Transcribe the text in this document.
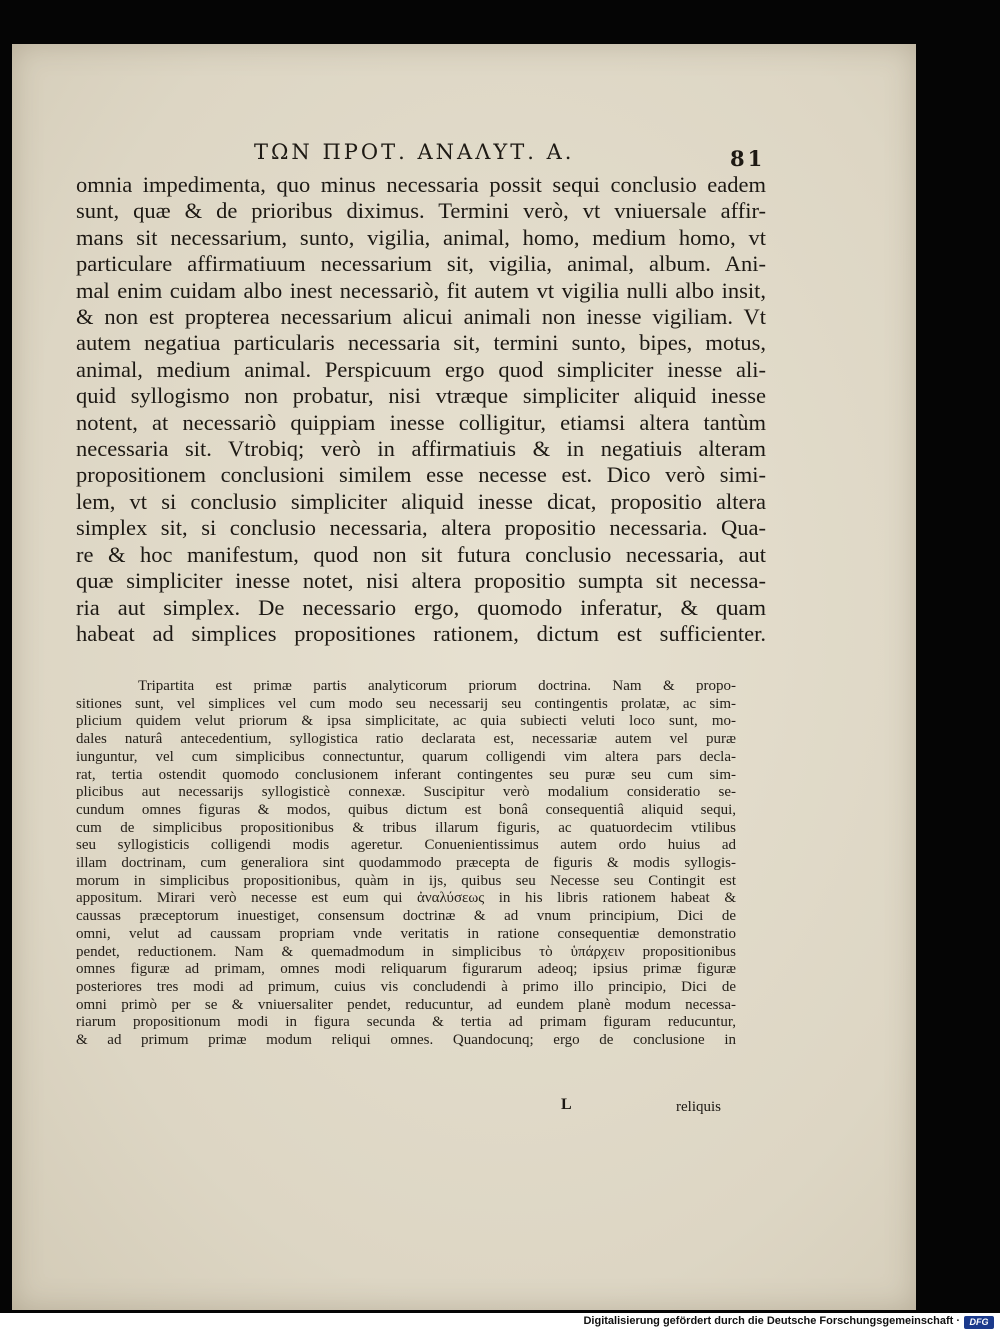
ΤΩΝ ΠΡΟΤ. ΑΝΑΛΥΤ. Α.	81
omnia impedimenta, quo minus necessaria possit sequi conclusio eadem
sunt, quæ & de prioribus diximus. Termini verò, vt vniuersale affir-
mans sit necessarium, sunto, vigilia, animal, homo, medium homo, vt
particulare affirmatiuum necessarium sit, vigilia, animal, album. Ani-
mal enim cuidam albo inest necessariò, fit autem vt vigilia nulli albo insit,
& non est propterea necessarium alicui animali non inesse vigiliam. Vt
autem negatiua particularis necessaria sit, termini sunto, bipes, motus,
animal, medium animal. Perspicuum ergo quod simpliciter inesse ali-
quid syllogismo non probatur, nisi vtræque simpliciter aliquid inesse
notent, at necessariò quippiam inesse colligitur, etiamsi altera tantùm
necessaria sit. Vtrobiq; verò in affirmatiuis & in negatiuis alteram
propositionem conclusioni similem esse necesse est. Dico verò simi-
lem, vt si conclusio simpliciter aliquid inesse dicat, propositio altera
simplex sit, si conclusio necessaria, altera propositio necessaria. Qua-
re & hoc manifestum, quod non sit futura conclusio necessaria, aut
quæ simpliciter inesse notet, nisi altera propositio sumpta sit necessa-
ria aut simplex. De necessario ergo, quomodo inferatur, & quam
habeat ad simplices propositiones rationem, dictum est sufficienter.
Tripartita est primæ partis analyticorum priorum doctrina. Nam & propo-
sitiones sunt, vel simplices vel cum modo seu necessarij seu contingentis prolatæ, ac sim-
plicium quidem velut priorum & ipsa simplicitate, ac quia subiecti veluti loco sunt, mo-
dales naturâ antecedentium, syllogistica ratio declarata est, necessariæ autem vel puræ
iunguntur, vel cum simplicibus connectuntur, quarum colligendi vim altera pars decla-
rat, tertia ostendit quomodo conclusionem inferant contingentes seu puræ seu cum sim-
plicibus aut necessarijs syllogisticè connexæ. Suscipitur verò modalium consideratio se-
cundum omnes figuras & modos, quibus dictum est bonâ consequentiâ aliquid sequi,
cum de simplicibus propositionibus & tribus illarum figuris, ac quatuordecim vtilibus
seu syllogisticis colligendi modis ageretur. Conuenientissimus autem ordo huius ad
illam doctrinam, cum generaliora sint quodammodo præcepta de figuris & modis syllogis-
morum in simplicibus propositionibus, quàm in ijs, quibus seu Necesse seu Contingit est
appositum. Mirari verò necesse est eum qui ἀναλύσεως in his libris rationem habeat &
caussas præceptorum inuestiget, consensum doctrinæ & ad vnum principium, Dici de
omni, velut ad caussam propriam vnde veritatis in ratione consequentiæ demonstratio
pendet, reductionem. Nam & quemadmodum in simplicibus τὸ ὑπάρχειν propositionibus
omnes figuræ ad primam, omnes modi reliquarum figurarum adeoq; ipsius primæ figuræ
posteriores tres modi ad primum, cuius vis concludendi à primo illo principio, Dici de
omni primò per se & vniuersaliter pendet, reducuntur, ad eundem planè modum necessa-
riarum propositionum modi in figura secunda & tertia ad primam figuram reducuntur,
& ad primum primæ modum reliqui omnes. Quandocunq; ergo de conclusione in
L	reliquis
Digitalisierung gefördert durch die Deutsche Forschungsgemeinschaft ·	DFG
